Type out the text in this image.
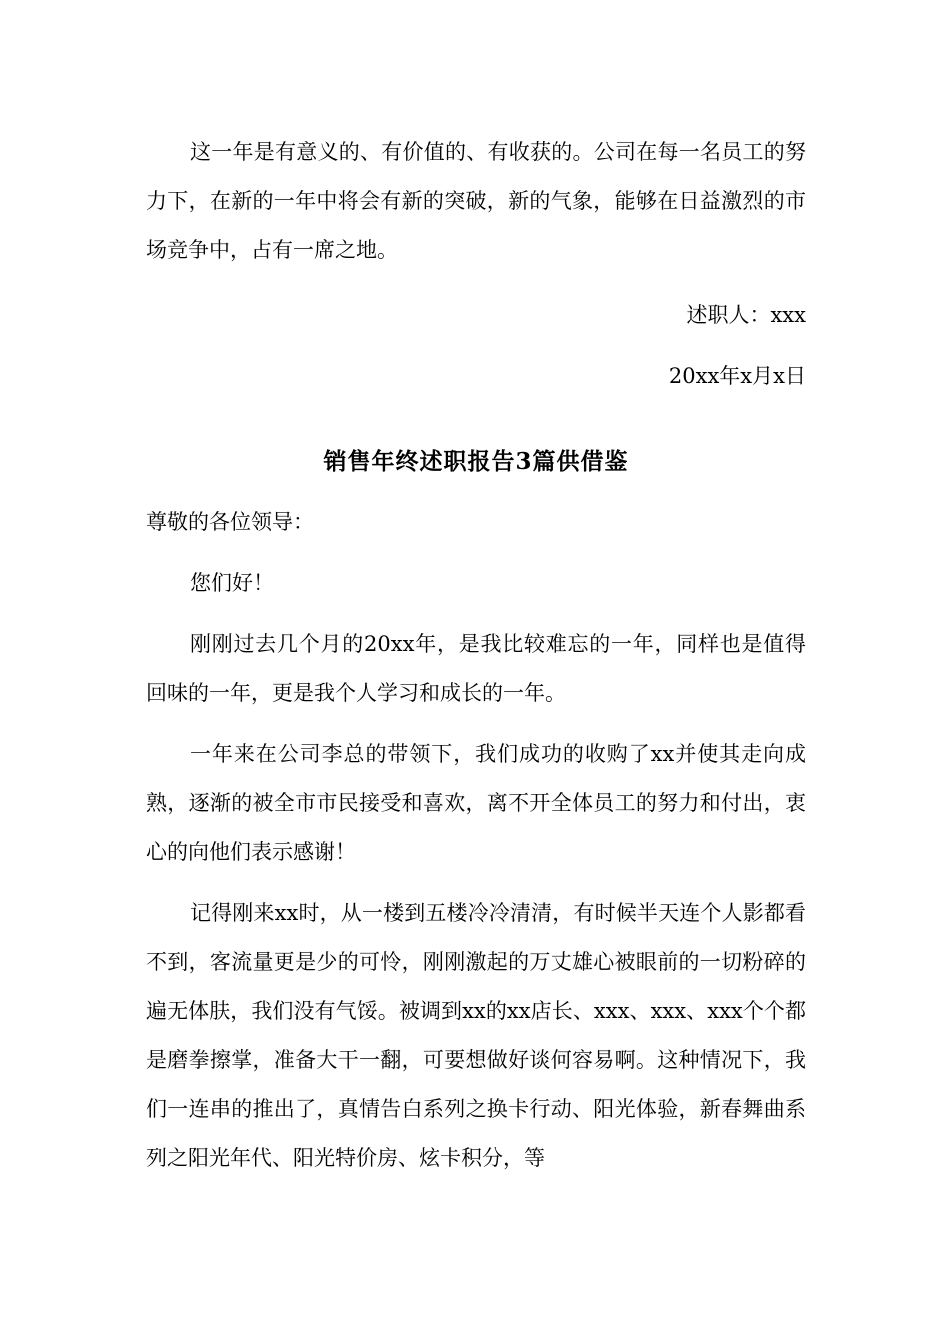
这一年是有意义的、有价值的、有收获的。公司在每一名员工的努力下，在新的一年中将会有新的突破，新的气象，能够在日益激烈的市场竞争中，占有一席之地。

述职人：xxx

20xx年x月x日

销售年终述职报告3篇供借鉴

尊敬的各位领导：

您们好！

刚刚过去几个月的20xx年，是我比较难忘的一年，同样也是值得回味的一年，更是我个人学习和成长的一年。

一年来在公司李总的带领下，我们成功的收购了xx并使其走向成熟，逐渐的被全市市民接受和喜欢，离不开全体员工的努力和付出，衷心的向他们表示感谢！

记得刚来xx时，从一楼到五楼冷冷清清，有时候半天连个人影都看不到，客流量更是少的可怜，刚刚激起的万丈雄心被眼前的一切粉碎的遍无体肤，我们没有气馁。被调到xx的xx店长、xxx、xxx、xxx个个都是磨拳擦掌，准备大干一翻，可要想做好谈何容易啊。这种情况下，我们一连串的推出了，真情告白系列之换卡行动、阳光体验，新春舞曲系列之阳光年代、阳光特价房、炫卡积分，等
